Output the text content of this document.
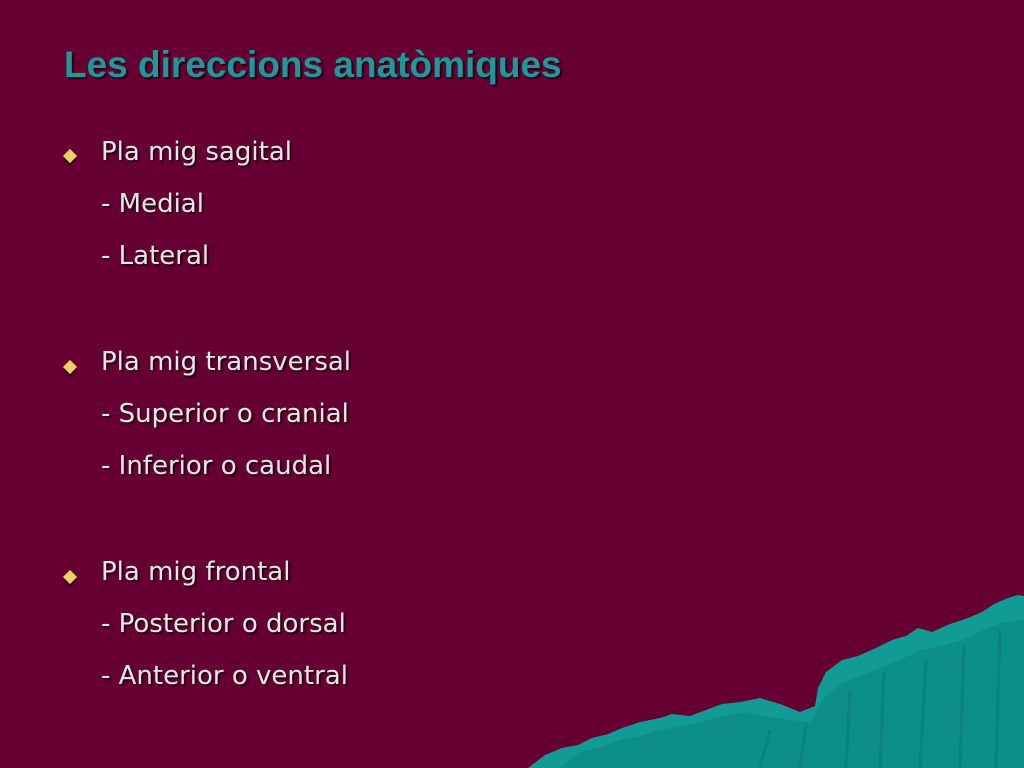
Les direccions anatòmiques
Pla mig sagital
- Medial
- Lateral
Pla mig transversal
- Superior o cranial
- Inferior o caudal
Pla mig frontal
- Posterior o dorsal
- Anterior o ventral
